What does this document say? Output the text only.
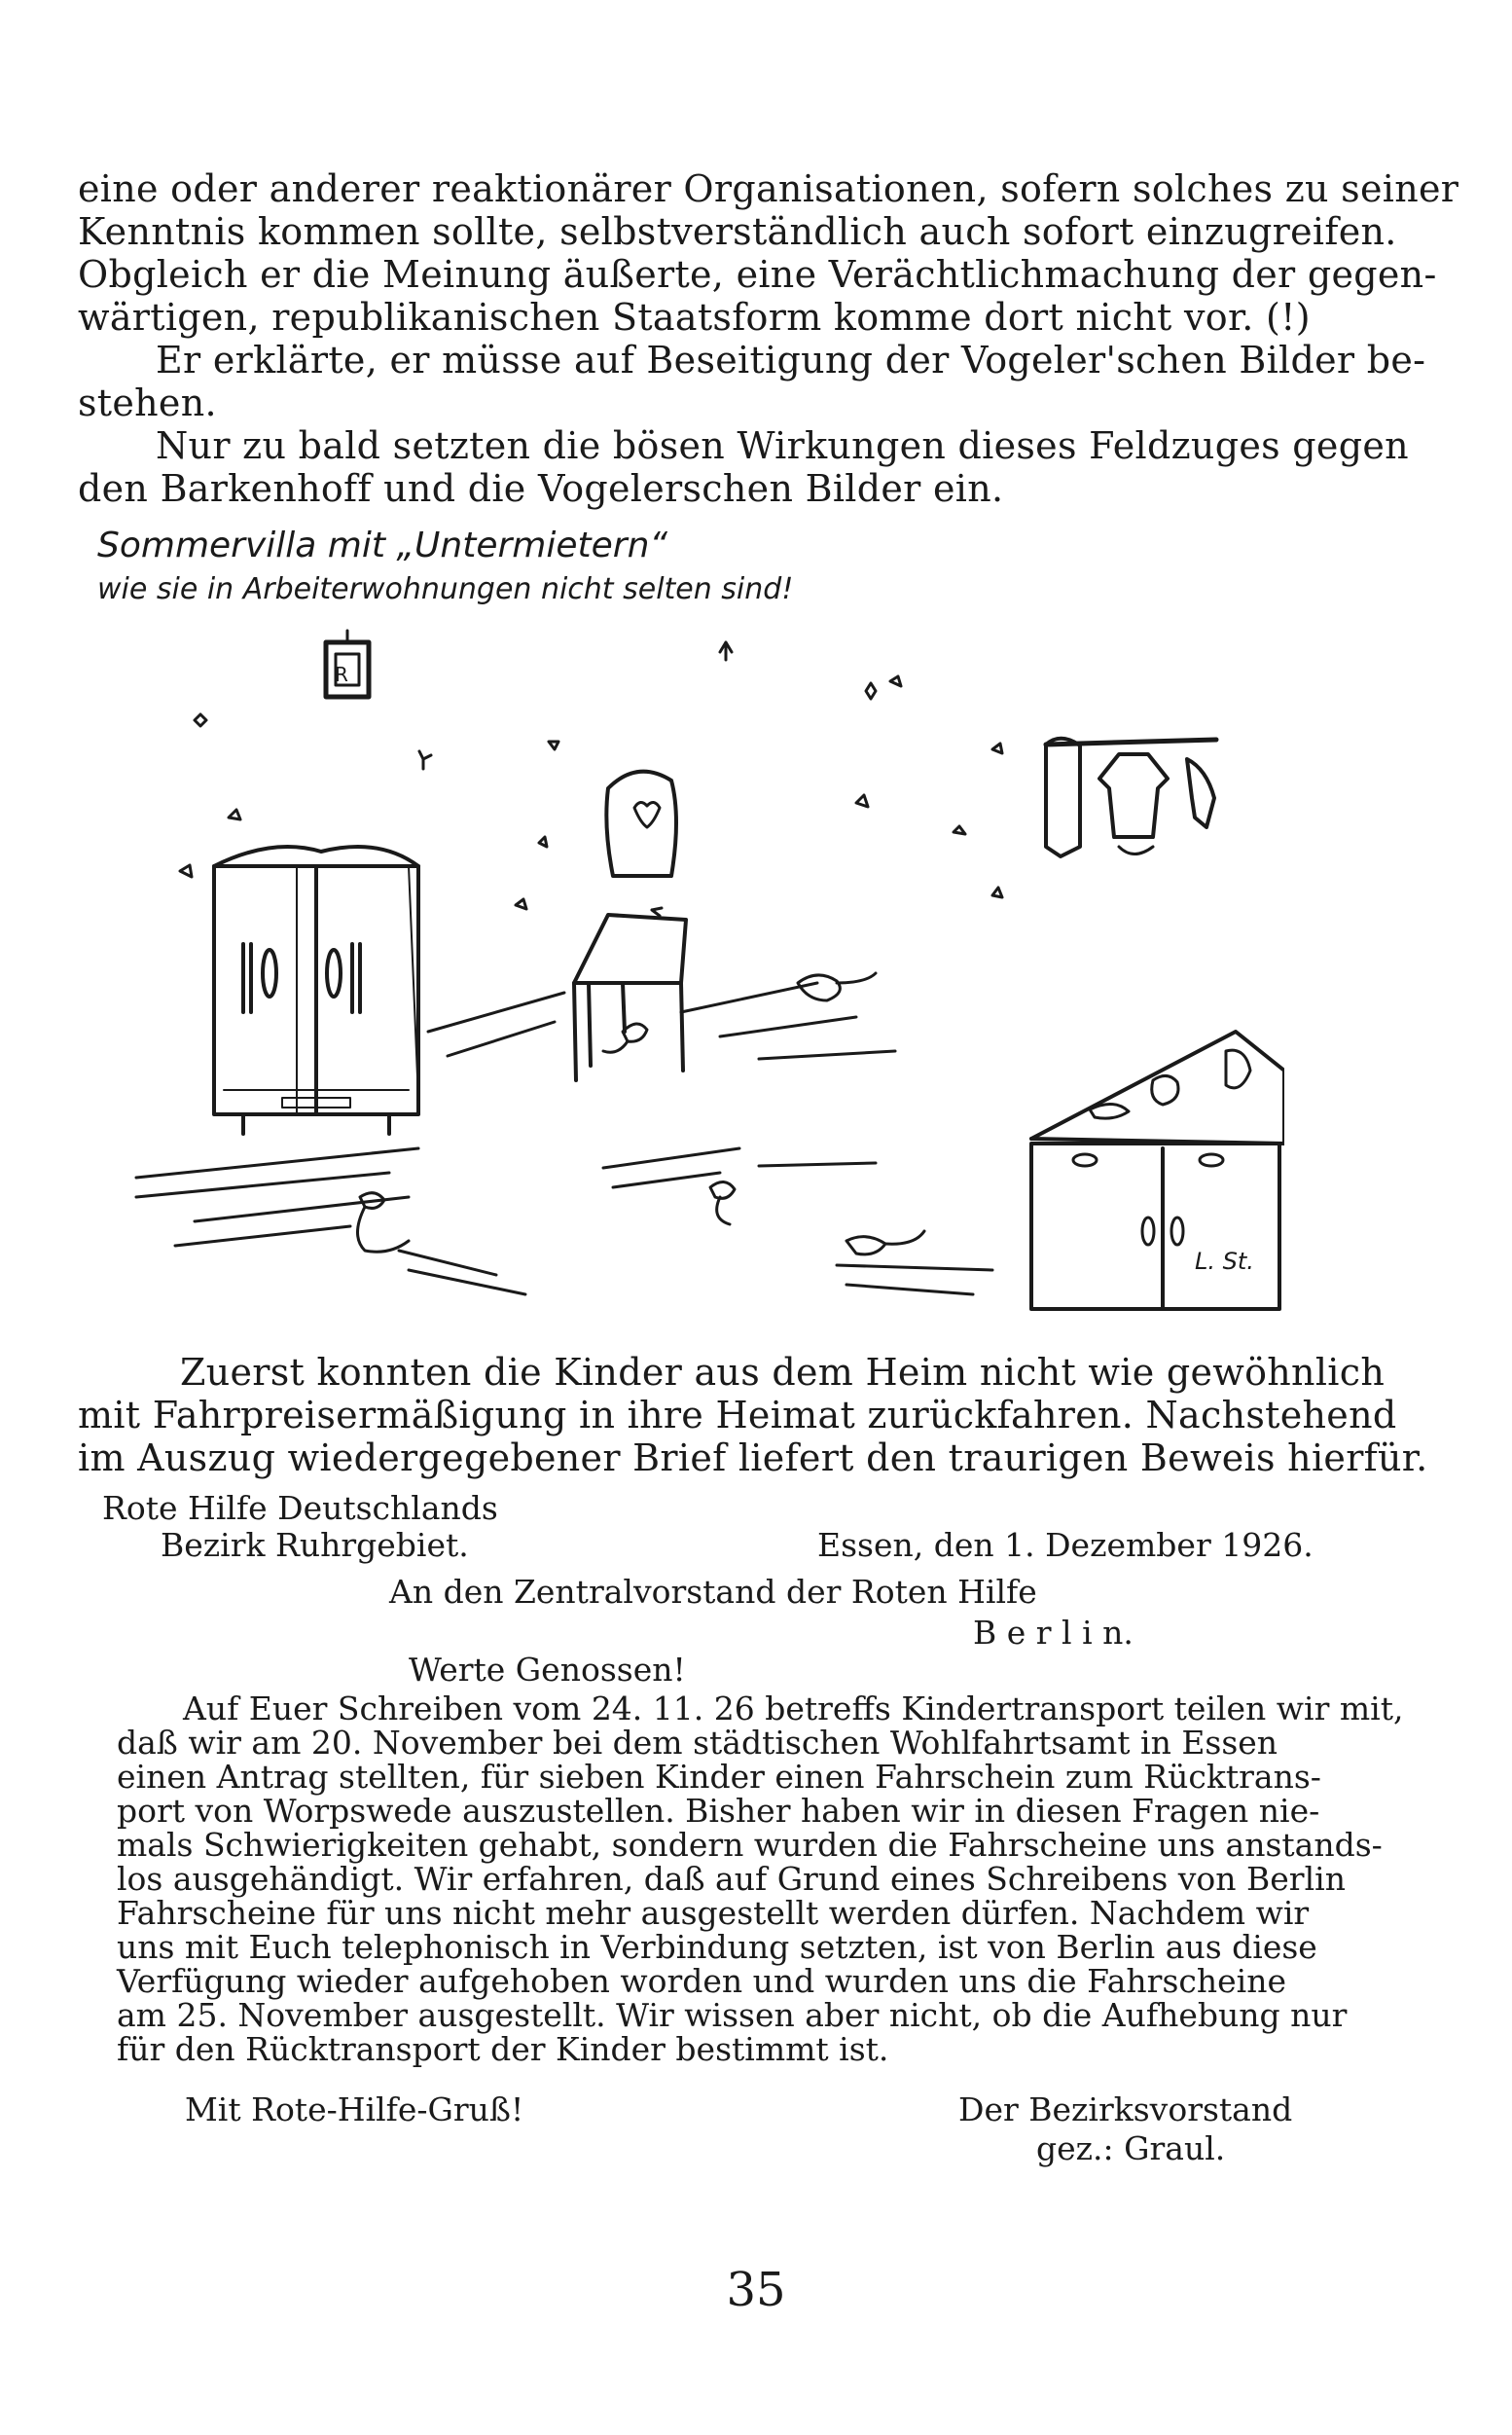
eine oder anderer reaktionärer Organisationen, sofern solches zu seiner
Kenntnis kommen sollte, selbstverständlich auch sofort einzugreifen.
Obgleich er die Meinung äußerte, eine Verächtlichmachung der gegen-
wärtigen, republikanischen Staatsform komme dort nicht vor. (!)
Er erklärte, er müsse auf Beseitigung der Vogeler'schen Bilder be-
stehen.
Nur zu bald setzten die bösen Wirkungen dieses Feldzuges gegen
den Barkenhoff und die Vogelerschen Bilder ein.
Sommervilla mit „Untermietern“
wie sie in Arbeiterwohnungen nicht selten sind!
R
L. St.
Zuerst konnten die Kinder aus dem Heim nicht wie gewöhnlich
mit Fahrpreisermäßigung in ihre Heimat zurückfahren. Nachstehend
im Auszug wiedergegebener Brief liefert den traurigen Beweis hierfür.
Rote Hilfe Deutschlands
Bezirk Ruhrgebiet.	Essen, den 1. Dezember 1926.
An den Zentralvorstand der Roten Hilfe
B e r l i n.
Werte Genossen!
Auf Euer Schreiben vom 24. 11. 26 betreffs Kindertransport teilen wir mit,
daß wir am 20. November bei dem städtischen Wohlfahrtsamt in Essen
einen Antrag stellten, für sieben Kinder einen Fahrschein zum Rücktrans-
port von Worpswede auszustellen. Bisher haben wir in diesen Fragen nie-
mals Schwierigkeiten gehabt, sondern wurden die Fahrscheine uns anstands-
los ausgehändigt. Wir erfahren, daß auf Grund eines Schreibens von Berlin
Fahrscheine für uns nicht mehr ausgestellt werden dürfen. Nachdem wir
uns mit Euch telephonisch in Verbindung setzten, ist von Berlin aus diese
Verfügung wieder aufgehoben worden und wurden uns die Fahrscheine
am 25. November ausgestellt. Wir wissen aber nicht, ob die Aufhebung nur
für den Rücktransport der Kinder bestimmt ist.
Mit Rote-Hilfe-Gruß!	Der Bezirksvorstand
gez.: Graul.
35
